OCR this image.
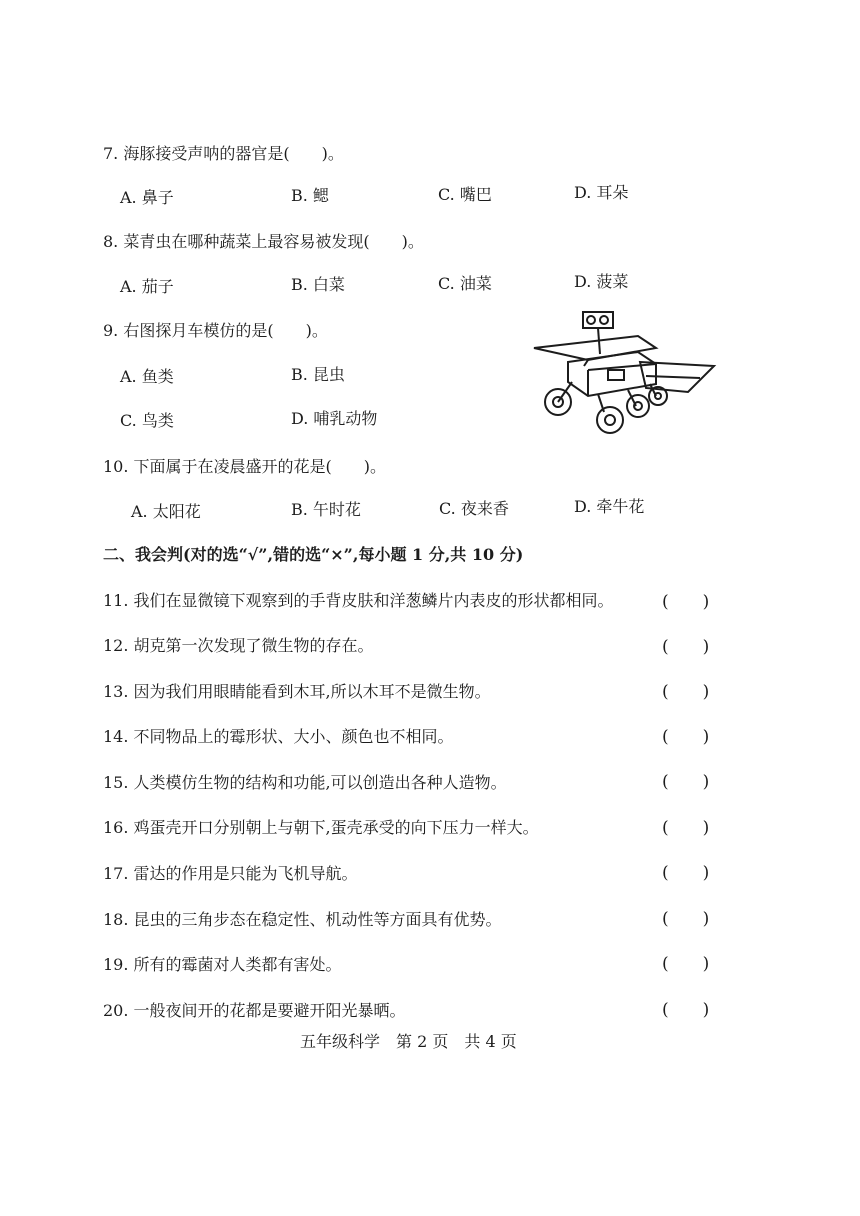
7. 海豚接受声呐的器官是(　　)。
A. 鼻子	B. 鳃	C. 嘴巴	D. 耳朵
8. 菜青虫在哪种蔬菜上最容易被发现(　　)。
A. 茄子	B. 白菜	C. 油菜	D. 菠菜
9. 右图探月车模仿的是(　　)。
A. 鱼类	B. 昆虫
C. 鸟类	D. 哺乳动物
10. 下面属于在凌晨盛开的花是(　　)。
A. 太阳花	B. 午时花	C. 夜来香	D. 牵牛花
二、我会判(对的选“√”,错的选“×”,每小题 1 分,共 10 分)
11. 我们在显微镜下观察到的手背皮肤和洋葱鳞片内表皮的形状都相同。	(　　)
12. 胡克第一次发现了微生物的存在。	(　　)
13. 因为我们用眼睛能看到木耳,所以木耳不是微生物。	(　　)
14. 不同物品上的霉形状、大小、颜色也不相同。	(　　)
15. 人类模仿生物的结构和功能,可以创造出各种人造物。	(　　)
16. 鸡蛋壳开口分别朝上与朝下,蛋壳承受的向下压力一样大。	(　　)
17. 雷达的作用是只能为飞机导航。	(　　)
18. 昆虫的三角步态在稳定性、机动性等方面具有优势。	(　　)
19. 所有的霉菌对人类都有害处。	(　　)
20. 一般夜间开的花都是要避开阳光暴晒。	(　　)
五年级科学　第 2 页　共 4 页
